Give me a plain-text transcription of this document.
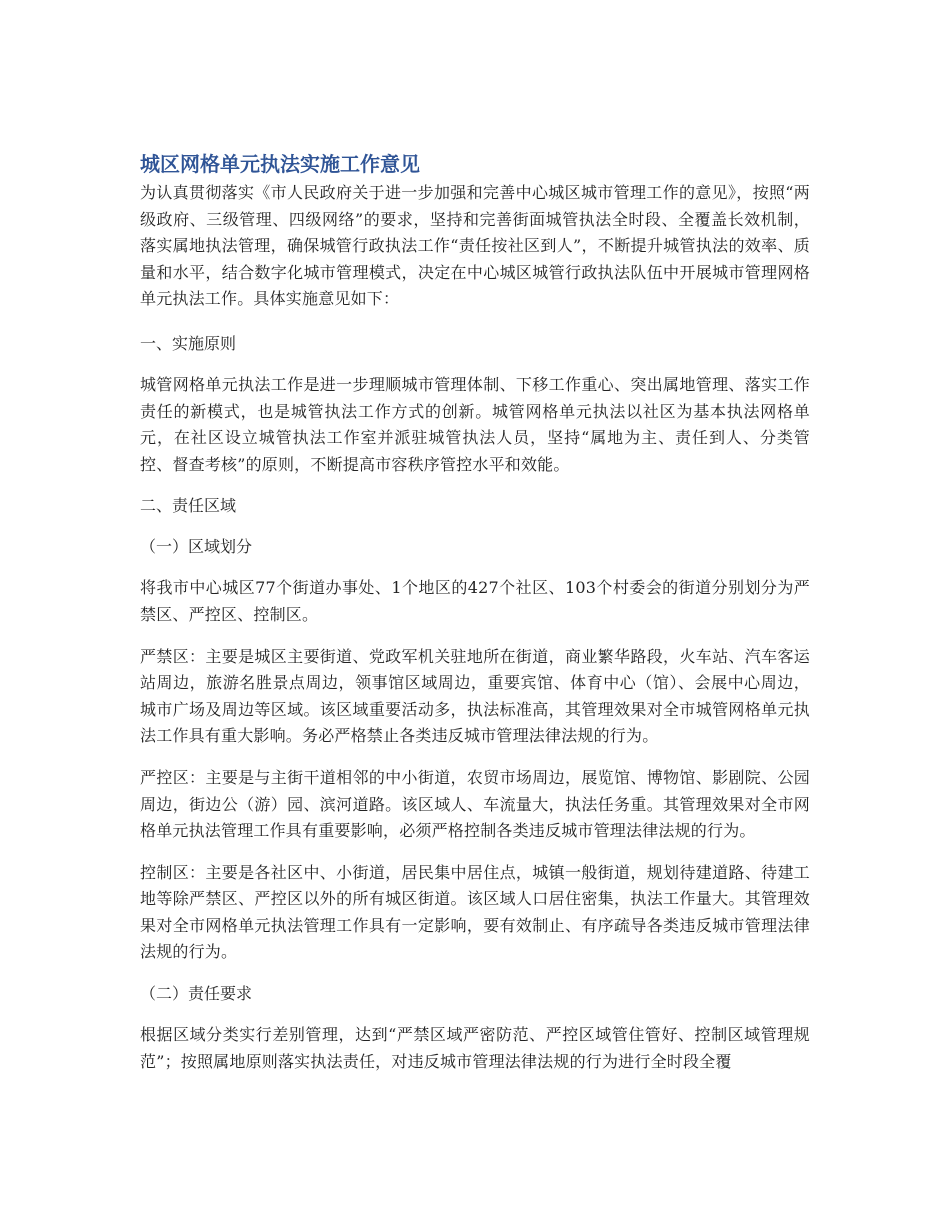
城区网格单元执法实施工作意见

为认真贯彻落实《市人民政府关于进一步加强和完善中心城区城市管理工作的意见》，按照“两级政府、三级管理、四级网络”的要求，坚持和完善街面城管执法全时段、全覆盖长效机制，落实属地执法管理，确保城管行政执法工作“责任按社区到人”，不断提升城管执法的效率、质量和水平，结合数字化城市管理模式，决定在中心城区城管行政执法队伍中开展城市管理网格单元执法工作。具体实施意见如下：

一、实施原则

城管网格单元执法工作是进一步理顺城市管理体制、下移工作重心、突出属地管理、落实工作责任的新模式，也是城管执法工作方式的创新。城管网格单元执法以社区为基本执法网格单元，在社区设立城管执法工作室并派驻城管执法人员，坚持“属地为主、责任到人、分类管控、督查考核”的原则，不断提高市容秩序管控水平和效能。

二、责任区域
（一）区域划分

将我市中心城区77个街道办事处、1个地区的427个社区、103个村委会的街道分别划分为严禁区、严控区、控制区。

严禁区：主要是城区主要街道、党政军机关驻地所在街道，商业繁华路段，火车站、汽车客运站周边，旅游名胜景点周边，领事馆区域周边，重要宾馆、体育中心（馆）、会展中心周边，城市广场及周边等区域。该区域重要活动多，执法标准高，其管理效果对全市城管网格单元执法工作具有重大影响。务必严格禁止各类违反城市管理法律法规的行为。

严控区：主要是与主街干道相邻的中小街道，农贸市场周边，展览馆、博物馆、影剧院、公园周边，街边公（游）园、滨河道路。该区域人、车流量大，执法任务重。其管理效果对全市网格单元执法管理工作具有重要影响，必须严格控制各类违反城市管理法律法规的行为。

控制区：主要是各社区中、小街道，居民集中居住点，城镇一般街道，规划待建道路、待建工地等除严禁区、严控区以外的所有城区街道。该区域人口居住密集，执法工作量大。其管理效果对全市网格单元执法管理工作具有一定影响，要有效制止、有序疏导各类违反城市管理法律法规的行为。

（二）责任要求

根据区域分类实行差别管理，达到“严禁区域严密防范、严控区域管住管好、控制区域管理规范”；按照属地原则落实执法责任，对违反城市管理法律法规的行为进行全时段全覆
